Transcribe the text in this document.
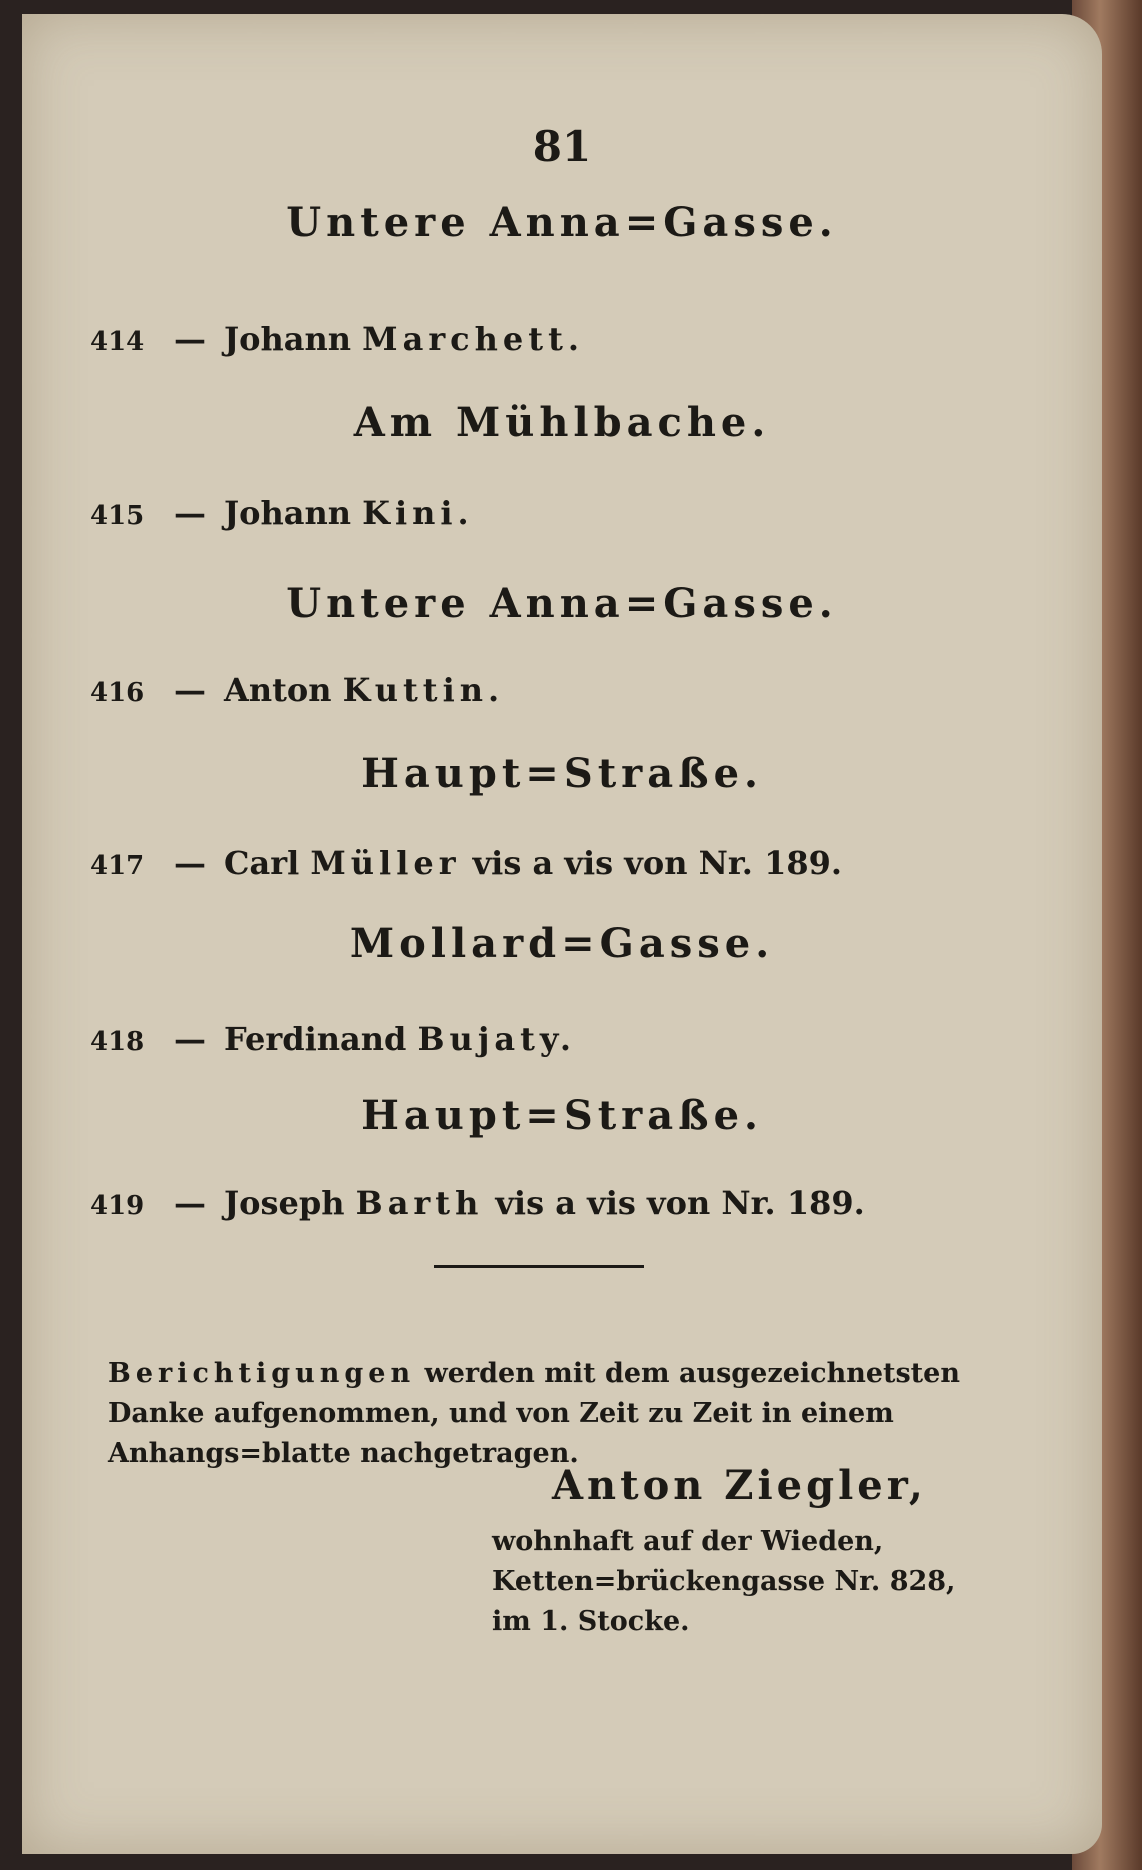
81
Untere Anna=Gasse.
414 — Johann Marchett.
Am Mühlbache.
415 — Johann Kini.
Untere Anna=Gasse.
416 — Anton Kuttin.
Haupt=Straße.
417 — Carl Müller vis a vis von Nr. 189.
Mollard=Gasse.
418 — Ferdinand Bujaty.
Haupt=Straße.
419 — Joseph Barth vis a vis von Nr. 189.
Berichtigungen werden mit dem ausgezeichnetsten Danke aufgenommen, und von Zeit zu Zeit in einem Anhangs=blatte nachgetragen.
Anton Ziegler,
wohnhaft auf der Wieden, Ketten=brückengasse Nr. 828, im 1. Stocke.
